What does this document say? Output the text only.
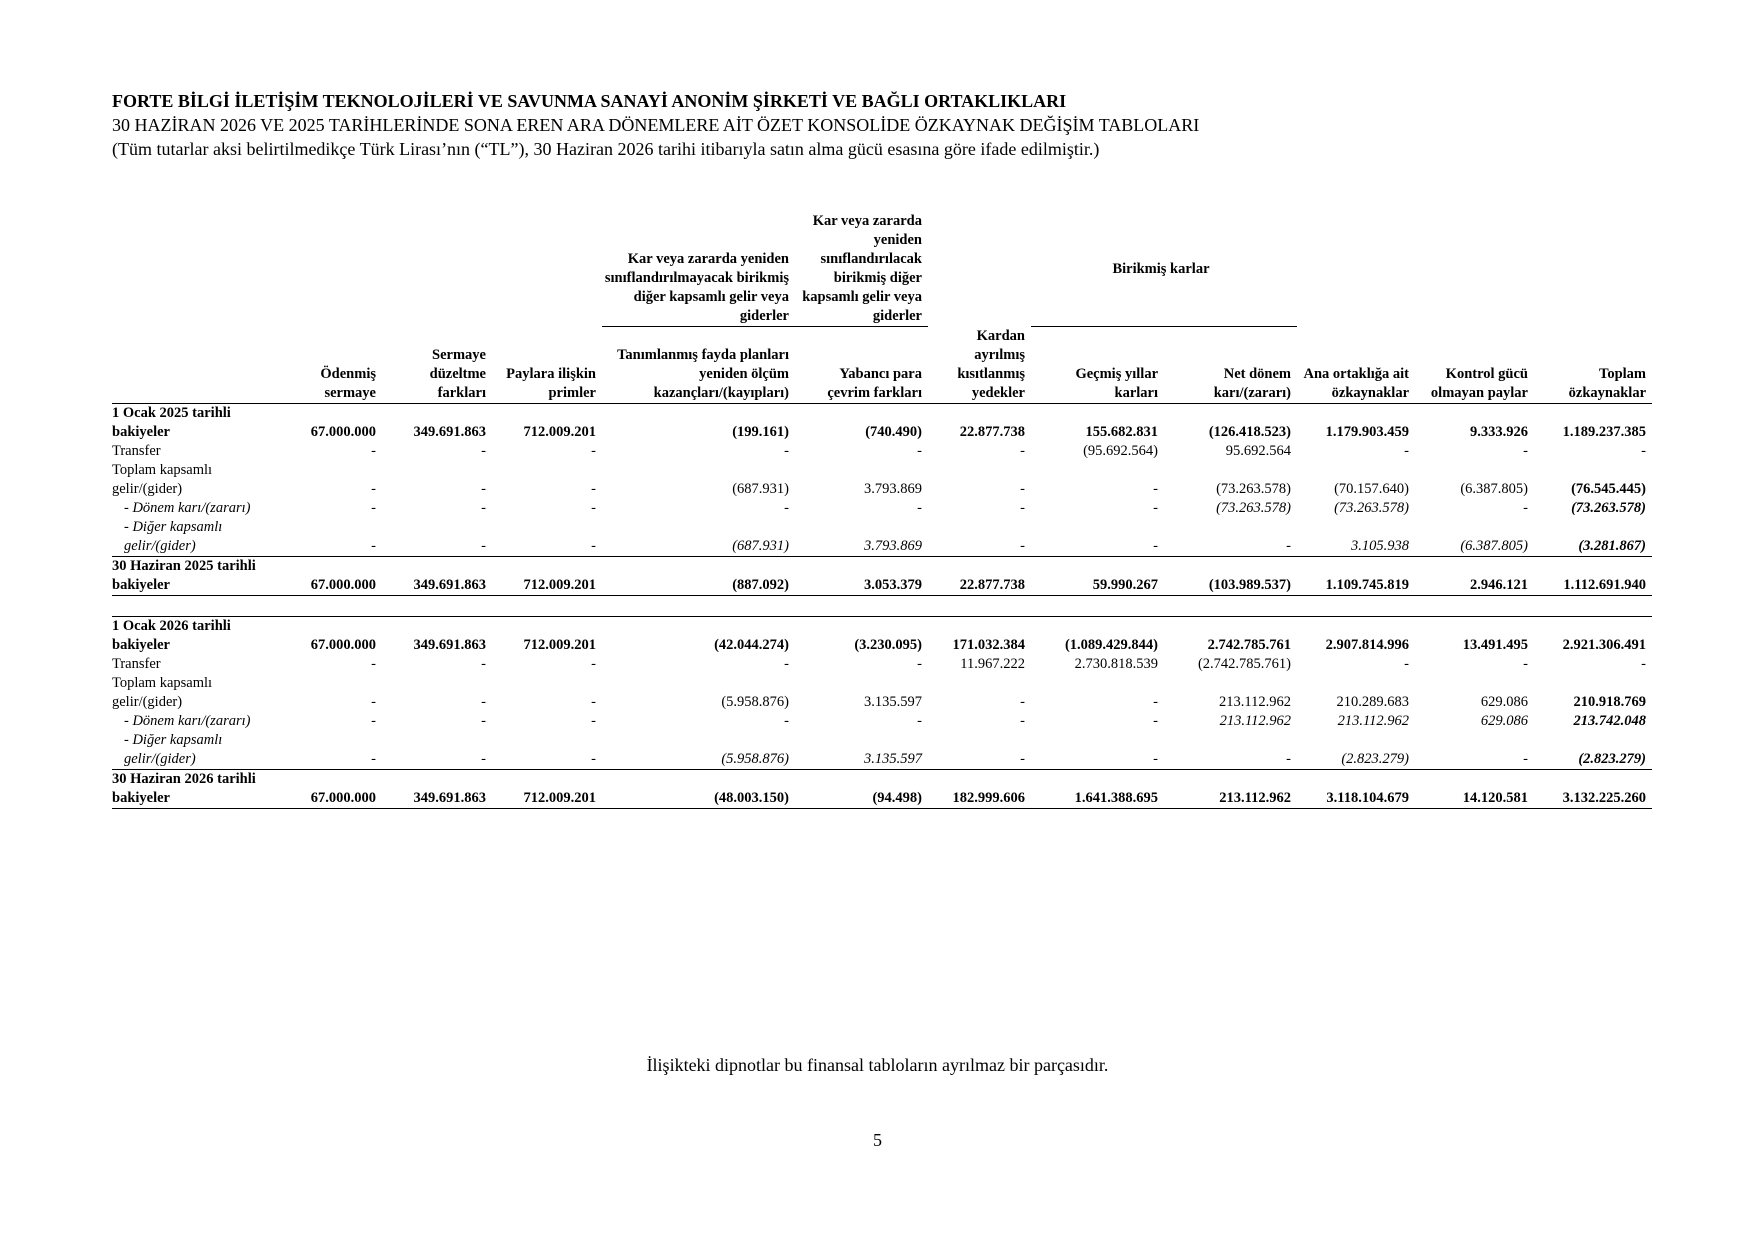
FORTE BİLGİ İLETİŞİM TEKNOLOJİLERİ VE SAVUNMA SANAYİ ANONİM ŞİRKETİ VE BAĞLI ORTAKLIKLARI
30 HAZİRAN 2026 VE 2025 TARİHLERİNDE SONA EREN ARA DÖNEMLERE AİT ÖZET KONSOLİDE ÖZKAYNAK DEĞİŞİM TABLOLARI
(Tüm tutarlar aksi belirtilmedikçe Türk Lirası’nın (“TL”), 30 Haziran 2026 tarihi itibarıyla satın alma gücü esasına göre ifade edilmiştir.)
				Kar veya zararda yeniden sınıflandırılmayacak birikmiş diğer kapsamlı gelir veya giderler	Kar veya zararda yeniden sınıflandırılacak birikmiş diğer kapsamlı gelir veya giderler		Birikmiş karlar				
	Ödenmiş sermaye	Sermaye düzeltme farkları	Paylara ilişkin primler	Tanımlanmış fayda planları yeniden ölçüm kazançları/(kayıpları)	Yabancı para çevrim farkları	Kardan ayrılmış kısıtlanmış yedekler	Geçmiş yıllar karları	Net dönem karı/(zararı)	Ana ortaklığa ait özkaynaklar	Kontrol gücü olmayan paylar	Toplam özkaynaklar
1 Ocak 2025 tarihli bakiyeler	67.000.000	349.691.863	712.009.201	(199.161)	(740.490)	22.877.738	155.682.831	(126.418.523)	1.179.903.459	9.333.926	1.189.237.385
Transfer	-	-	-	-	-	-	(95.692.564)	95.692.564	-	-	-
Toplam kapsamlı gelir/(gider)	-	-	-	(687.931)	3.793.869	-	-	(73.263.578)	(70.157.640)	(6.387.805)	(76.545.445)
- Dönem karı/(zararı)	-	-	-	-	-	-	-	(73.263.578)	(73.263.578)	-	(73.263.578)
- Diğer kapsamlı gelir/(gider)	-	-	-	(687.931)	3.793.869	-	-	-	3.105.938	(6.387.805)	(3.281.867)
30 Haziran 2025 tarihli bakiyeler	67.000.000	349.691.863	712.009.201	(887.092)	3.053.379	22.877.738	59.990.267	(103.989.537)	1.109.745.819	2.946.121	1.112.691.940

1 Ocak 2026 tarihli bakiyeler	67.000.000	349.691.863	712.009.201	(42.044.274)	(3.230.095)	171.032.384	(1.089.429.844)	2.742.785.761	2.907.814.996	13.491.495	2.921.306.491
Transfer	-	-	-	-	-	11.967.222	2.730.818.539	(2.742.785.761)	-	-	-
Toplam kapsamlı gelir/(gider)	-	-	-	(5.958.876)	3.135.597	-	-	213.112.962	210.289.683	629.086	210.918.769
- Dönem karı/(zararı)	-	-	-	-	-	-	-	213.112.962	213.112.962	629.086	213.742.048
- Diğer kapsamlı gelir/(gider)	-	-	-	(5.958.876)	3.135.597	-	-	-	(2.823.279)	-	(2.823.279)
30 Haziran 2026 tarihli bakiyeler	67.000.000	349.691.863	712.009.201	(48.003.150)	(94.498)	182.999.606	1.641.388.695	213.112.962	3.118.104.679	14.120.581	3.132.225.260
İlişikteki dipnotlar bu finansal tabloların ayrılmaz bir parçasıdır.
5
